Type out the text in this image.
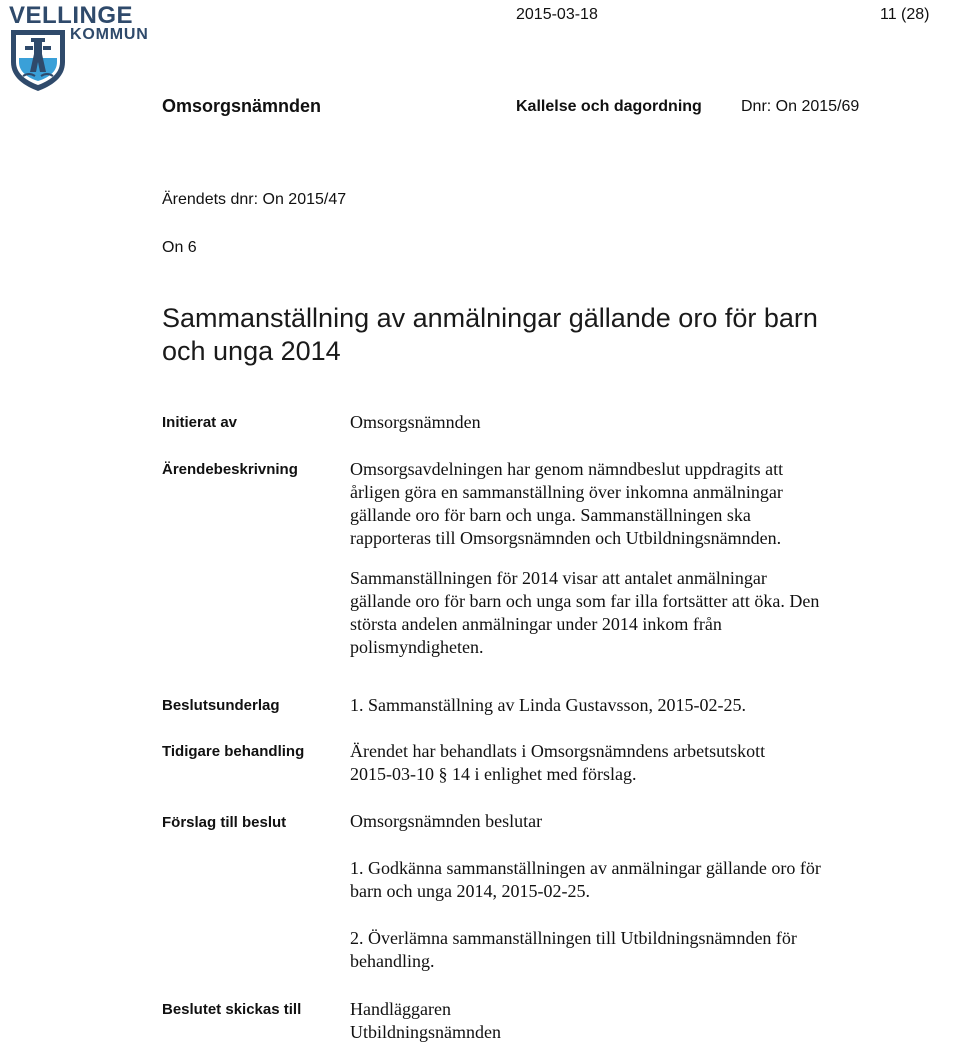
VELLINGE
KOMMUN
2015-03-18	11 (28)
Omsorgsnämnden	Kallelse och dagordning Dnr: On 2015/69
Ärendets dnr: On 2015/47
On 6
Sammanställning av anmälningar gällande oro för barn och unga 2014
Initierat av	Omsorgsnämnden
Ärendebeskrivning	Omsorgsavdelningen har genom nämndbeslut uppdragits att årligen göra en sammanställning över inkomna anmälningar gällande oro för barn och unga. Sammanställningen ska rapporteras till Omsorgsnämnden och Utbildningsnämnden.

Sammanställningen för 2014 visar att antalet anmälningar gällande oro för barn och unga som far illa fortsätter att öka. Den största andelen anmälningar under 2014 inkom från polismyndigheten.

Beslutsunderlag	1. Sammanställning av Linda Gustavsson, 2015-02-25.
Tidigare behandling	Ärendet har behandlats i Omsorgsnämndens arbetsutskott

2015-03-10 § 14 i enlighet med förslag.

Förslag till beslut	Omsorgsnämnden beslutar

1. Godkänna sammanställningen av anmälningar gällande oro för barn och unga 2014, 2015-02-25.

2. Överlämna sammanställningen till Utbildningsnämnden för behandling.

Beslutet skickas till	Handläggaren

Utbildningsnämnden
